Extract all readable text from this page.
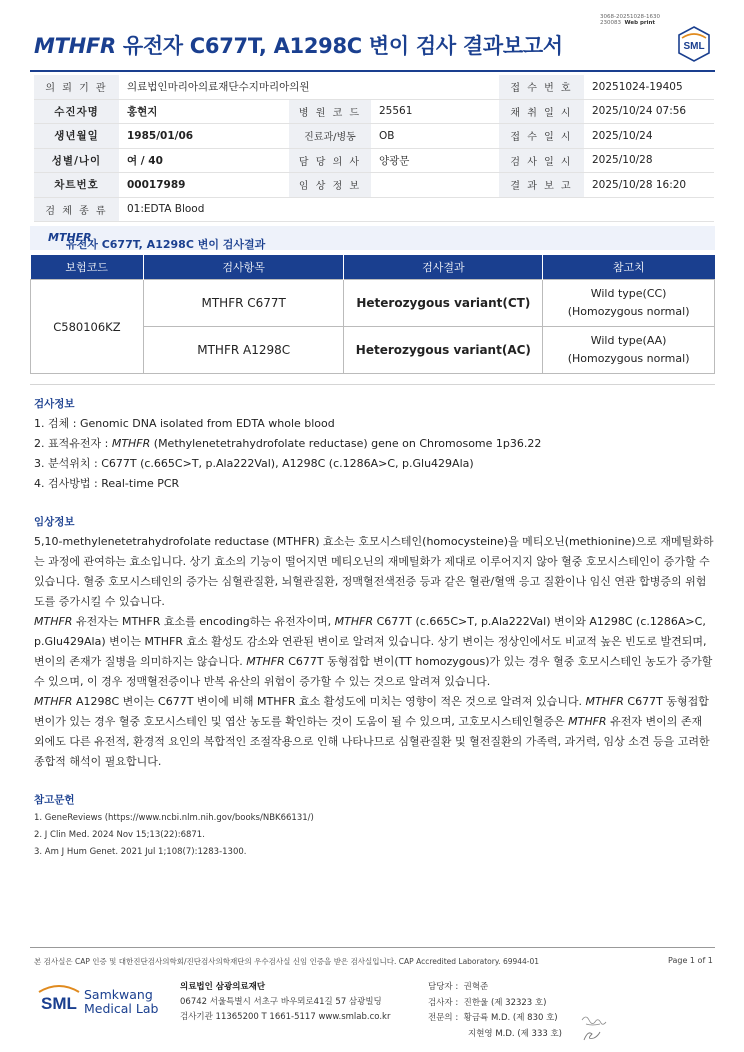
3068-20251028-1630
230083 Web print
MTHFR 유전자 C677T, A1298C 변이 검사 결과보고서	SML
의 뢰 기 관	의료법인마리아의료재단수지마리아의원			접 수 번 호	20251024-19405
수진자명	홍현지	병 원 코 드	25561	채 취 일 시	2025/10/24 07:56
생년월일	1985/01/06	진료과/병동	OB	접 수 일 시	2025/10/24
성별/나이	여 / 40	담 당 의 사	양광문	검 사 일 시	2025/10/28
차트번호	00017989	임 상 정 보		결 과 보 고	2025/10/28 16:20
검 체 종 류	01:EDTA Blood				
MTHFR
유전자 C677T, A1298C 변이 검사결과
보험코드	검사항목	검사결과	참고치
C580106KZ	MTHFR C677T	Heterozygous variant(CT)	Wild type(CC)
(Homozygous normal)

	MTHFR A1298C	Heterozygous variant(AC)	Wild type(AA)
(Homozygous normal)
검사정보
1. 검체 : Genomic DNA isolated from EDTA whole blood
2. 표적유전자 : MTHFR (Methylenetetrahydrofolate reductase) gene on Chromosome 1p36.22
3. 분석위치 : C677T (c.665C>T, p.Ala222Val), A1298C (c.1286A>C, p.Glu429Ala)
4. 검사방법 : Real-time PCR
임상정보

5,10-methylenetetrahydrofolate reductase (MTHFR) 효소는 호모시스테인(homocysteine)을 메티오닌(methionine)으로 재메틸화하는 과정에 관여하는 효소입니다. 상기 효소의 기능이 떨어지면 메티오닌의 재메틸화가 제대로 이루어지지 않아 혈중 호모시스테인이 증가할 수 있습니다. 혈중 호모시스테인의 증가는 심혈관질환, 뇌혈관질환, 정맥혈전색전증 등과 같은 혈관/혈액 응고 질환이나 임신 연관 합병증의 위험도를 증가시킬 수 있습니다.

MTHFR 유전자는 MTHFR 효소를 encoding하는 유전자이며, MTHFR C677T (c.665C>T, p.Ala222Val) 변이와 A1298C (c.1286A>C, p.Glu429Ala) 변이는 MTHFR 효소 활성도 감소와 연관된 변이로 알려져 있습니다. 상기 변이는 정상인에서도 비교적 높은 빈도로 발견되며, 변이의 존재가 질병을 의미하지는 않습니다. MTHFR C677T 동형접합 변이(TT homozygous)가 있는 경우 혈중 호모시스테인 농도가 증가할 수 있으며, 이 경우 정맥혈전증이나 반복 유산의 위험이 증가할 수 있는 것으로 알려져 있습니다.

MTHFR A1298C 변이는 C677T 변이에 비해 MTHFR 효소 활성도에 미치는 영향이 적은 것으로 알려져 있습니다. MTHFR C677T 동형접합 변이가 있는 경우 혈중 호모시스테인 및 엽산 농도를 확인하는 것이 도움이 될 수 있으며, 고호모시스테인혈증은 MTHFR 유전자 변이의 존재 외에도 다른 유전적, 환경적 요인의 복합적인 조절작용으로 인해 나타나므로 심혈관질환 및 혈전질환의 가족력, 과거력, 임상 소견 등을 고려한 종합적 해석이 필요합니다.

참고문헌
1. GeneReviews (https://www.ncbi.nlm.nih.gov/books/NBK66131/)
2. J Clin Med. 2024 Nov 15;13(22):6871.
3. Am J Hum Genet. 2021 Jul 1;108(7):1283-1300.
본 검사실은 CAP 인증 및 대한진단검사의학회/진단검사의학재단의 우수검사실 신임 인증을 받은 검사실입니다. CAP Accredited Laboratory. 69944-01	Page 1 of 1
SML Samkwang
Medical Lab
의료법인 삼광의료재단
06742 서울특별시 서초구 바우뫼로41길 57 삼광빌딩
검사기관 11365200 T 1661-5117 www.smlab.co.kr
담당자 : 권혁준
검사자 : 진한울 (제 32323 호)
전문의 : 황금륙 M.D. (제 830 호)
지현영 M.D. (제 333 호)
